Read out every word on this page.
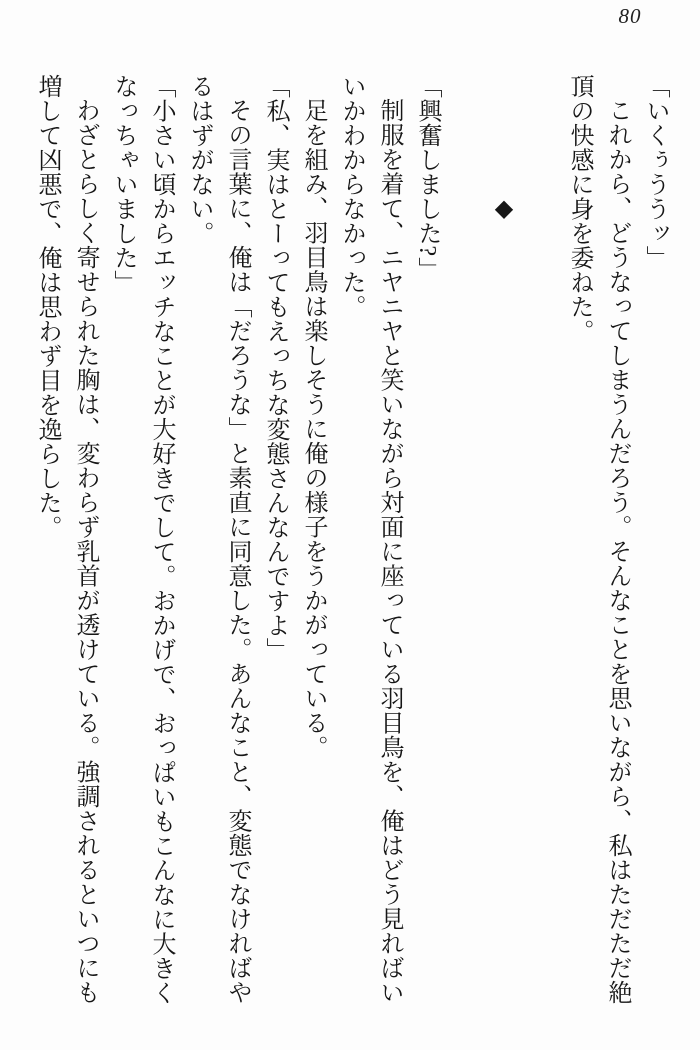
80

「いくぅううッ」

これから、どうなってしまうんだろう。そんなことを思いながら、私はただただ絶頂の快感に身を委ねた。

◆

「興奮しました?」

制服を着て、ニヤニヤと笑いながら対面に座っている羽目鳥を、俺はどう見ればいいかわからなかった。

足を組み、羽目鳥は楽しそうに俺の様子をうかがっている。

「私、実はとーってもえっちな変態さんなんですよ」

その言葉に、俺は「だろうな」と素直に同意した。あんなこと、変態でなければやるはずがない。

「小さい頃からエッチなことが大好きでして。おかげで、おっぱいもこんなに大きくなっちゃいました」

わざとらしく寄せられた胸は、変わらず乳首が透けている。強調されるといつにも増して凶悪で、俺は思わず目を逸らした。
